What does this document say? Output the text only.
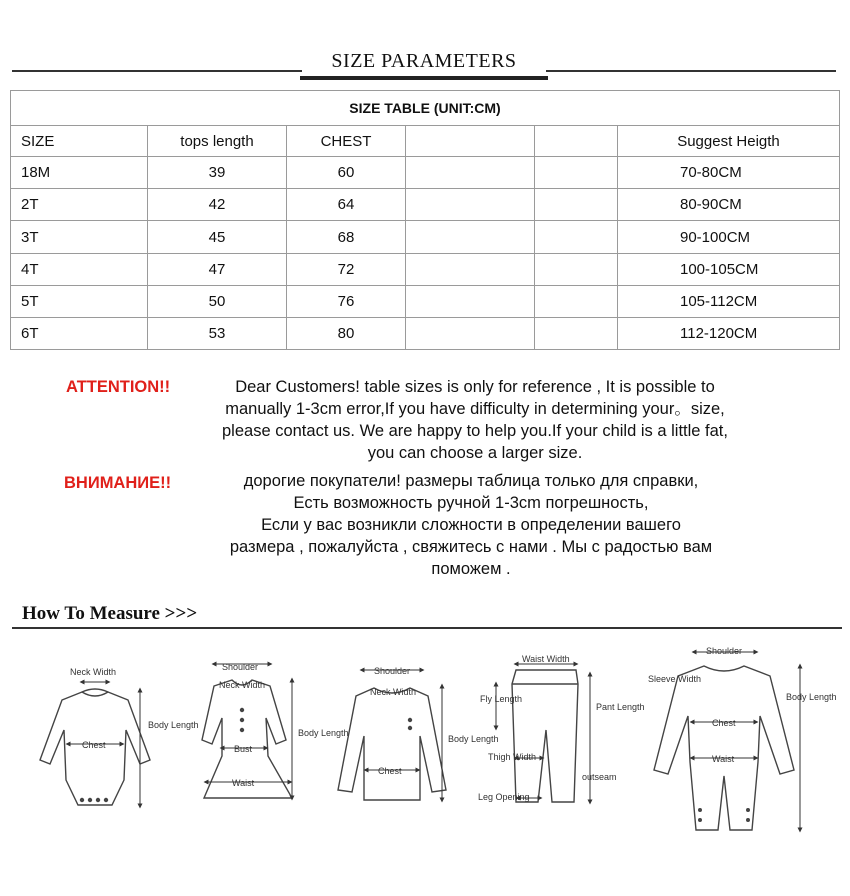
SIZE PARAMETERS
SIZE TABLE (UNIT:CM)					
SIZE	tops length	CHEST			Suggest Heigth
18M	39	60			70-80CM
2T	42	64			80-90CM
3T	45	68			90-100CM
4T	47	72			100-105CM
5T	50	76			105-112CM
6T	53	80			112-120CM
ATTENTION!!	Dear Customers! table sizes is only for reference , It is possible to
manually 1-3cm error,If you have difficulty in determining your。size,
please contact us. We are happy to help you.If your child is a little fat,
you can choose a larger size.
ВНИМАНИЕ!!	дорогие покупатели! размеры таблица только для справки,
Есть возможность ручной 1-3cm погрешность,
Если у вас возникли сложности в определении вашего
размера , пожалуйста , свяжитесь с нами . Мы с радостью вам
поможем .
How To Measure >>>
Neck Width
Chest
Body Length
Shoulder
Neck Width
Bust
Waist
Body Length
Shoulder
Neck Width
Chest
Body Length
Waist Width
Fly Length
Thigh Width
Leg Opening
Pant Length
outseam
Shoulder
Sleeve Width
Chest
Waist
Body Length
